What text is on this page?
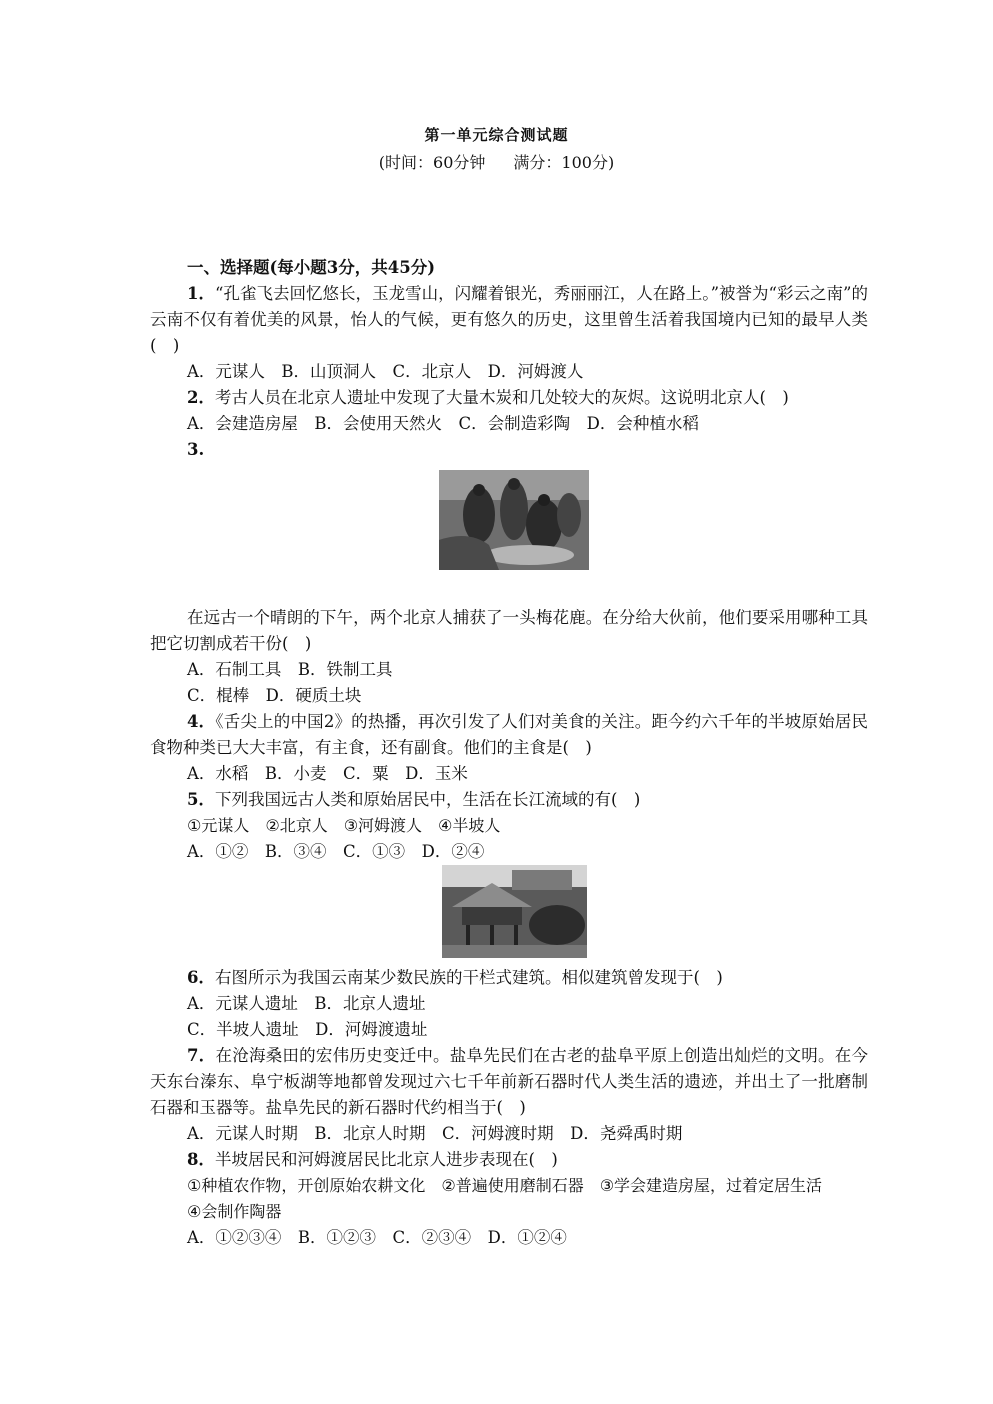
第一单元综合测试题
(时间：60分钟 满分：100分)
一、选择题(每小题3分，共45分)
1．“孔雀飞去回忆悠长，玉龙雪山，闪耀着银光，秀丽丽江，人在路上。”被誉为“彩云之南”的云南不仅有着优美的风景，怡人的气候，更有悠久的历史，这里曾生活着我国境内已知的最早人类(　)
A．元谋人　B．山顶洞人　C．北京人　D．河姆渡人
2．考古人员在北京人遗址中发现了大量木炭和几处较大的灰烬。这说明北京人(　)
A．会建造房屋　B．会使用天然火　C．会制造彩陶　D．会种植水稻
3.
在远古一个晴朗的下午，两个北京人捕获了一头梅花鹿。在分给大伙前，他们要采用哪种工具把它切割成若干份(　)
A．石制工具　B．铁制工具
C．棍棒　D．硬质土块
4．《舌尖上的中国2》的热播，再次引发了人们对美食的关注。距今约六千年的半坡原始居民食物种类已大大丰富，有主食，还有副食。他们的主食是(　)
A．水稻　B．小麦　C．粟　D．玉米
5．下列我国远古人类和原始居民中，生活在长江流域的有(　)
①元谋人　②北京人　③河姆渡人　④半坡人
A．①②　B．③④　C．①③　D．②④
6．右图所示为我国云南某少数民族的干栏式建筑。相似建筑曾发现于(　)
A．元谋人遗址　B．北京人遗址
C．半坡人遗址　D．河姆渡遗址
7．在沧海桑田的宏伟历史变迁中。盐阜先民们在古老的盐阜平原上创造出灿烂的文明。在今天东台溱东、阜宁板湖等地都曾发现过六七千年前新石器时代人类生活的遗迹，并出土了一批磨制石器和玉器等。盐阜先民的新石器时代约相当于(　)
A．元谋人时期　B．北京人时期　C．河姆渡时期　D．尧舜禹时期
8．半坡居民和河姆渡居民比北京人进步表现在(　)
①种植农作物，开创原始农耕文化　②普遍使用磨制石器　③学会建造房屋，过着定居生活
④会制作陶器
A．①②③④　B．①②③　C．②③④　D．①②④
